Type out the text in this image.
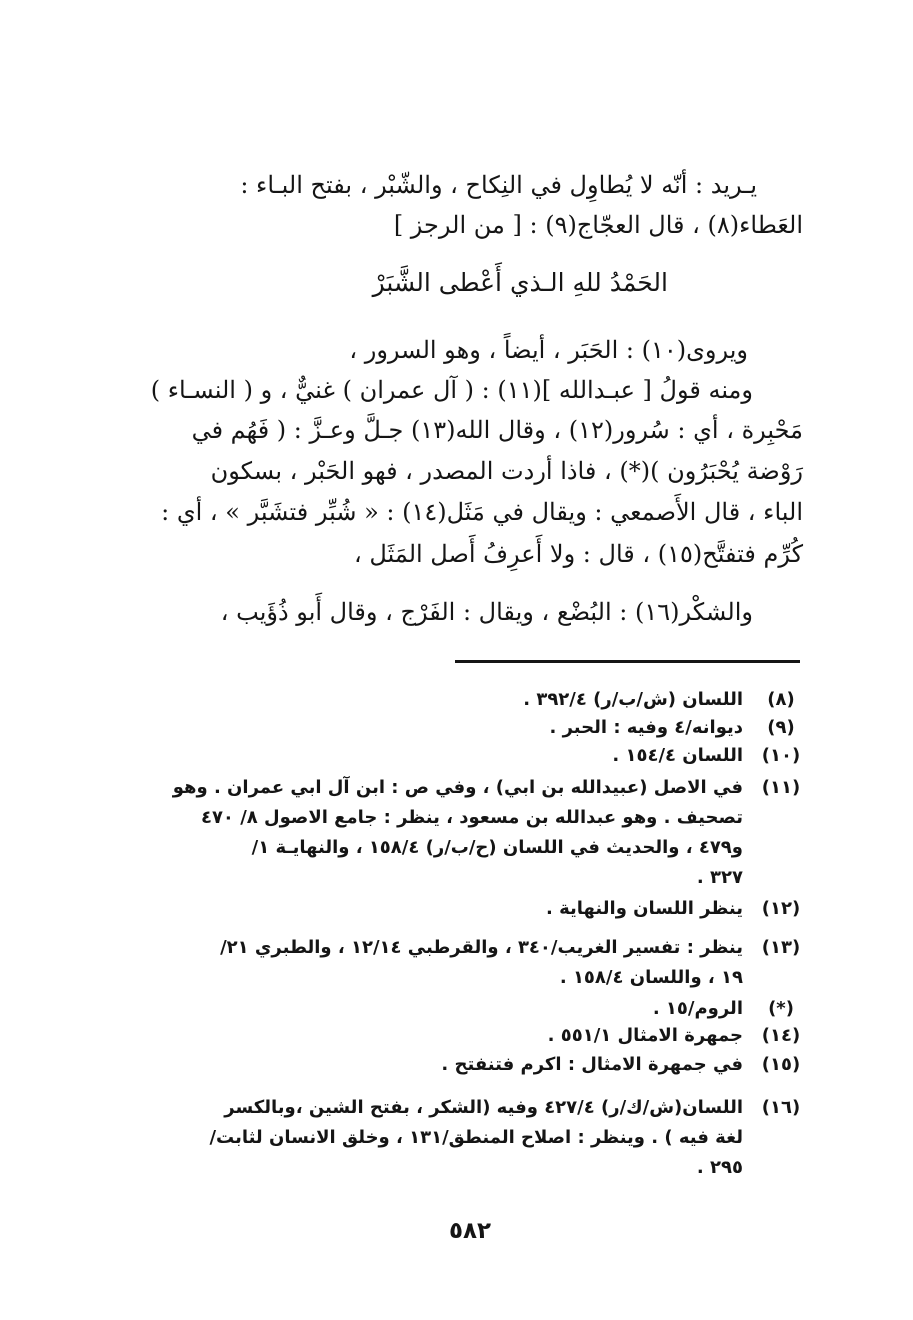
يـريد : أنّه لا يُطاوِل في النِكاح ، والشّبْر ، بفتح البـاء :
العَطاء(٨) ، قال العجّاج(٩) : [ من الرجز ]
الحَمْدُ للهِ الـذي أَعْطى الشَّبَرْ
ويروى(١٠) : الحَبَر ، أيضاً ، وهو السرور ،
ومنه قولُ [ عبـدالله ](١١) : ( آل عمران ) غنيٌّ ، و ( النسـاء )
مَحْبِرة ، أي : سُرور(١٢) ، وقال الله(١٣) جـلَّ وعـزَّ : ( فَهُم في
رَوْضة يُحْبَرُون )(*) ، فاذا أردت المصدر ، فهو الحَبْر ، بسكون
الباء ، قال الأَصمعي : ويقال في مَثَل(١٤) : « شُبِّر فتشَبَّر » ، أي :
كُرِّم فتفتَّح(١٥) ، قال : ولا أَعرِفُ أَصل المَثَل ،
والشكْر(١٦) : البُضْع ، ويقال : الفَرْج ، وقال أَبو ذُؤَيب ،
(٨)
اللسان (ش/ب/ر) ٣٩٢/٤ .
(٩)
ديوانه/٤ وفيه : الحبر .
(١٠)
اللسان ١٥٤/٤ .
(١١)
في الاصل (عبيدالله بن ابي) ، وفي ص : ابن آل ابي عمران . وهو
تصحيف . وهو عبدالله بن مسعود ، ينظر : جامع الاصول ٨/ ٤٧٠
و٤٧٩ ، والحديث في اللسان (ح/ب/ر) ١٥٨/٤ ، والنهايـة ١/
٣٢٧ .
(١٢)
ينظر اللسان والنهاية .
(١٣)
ينظر : تفسير الغريب/٣٤٠ ، والقرطبي ١٢/١٤ ، والطبري ٢١/
١٩ ، واللسان ١٥٨/٤ .
(*)
الروم/١٥ .
(١٤)
جمهرة الامثال ٥٥١/١ .
(١٥)
في جمهرة الامثال : اكرم فتنفتح .
(١٦)
اللسان(ش/ك/ر) ٤٢٧/٤ وفيه (الشكر ، بفتح الشين ،وبالكسر
لغة فيه ) . وينظر : اصلاح المنطق/١٣١ ، وخلق الانسان لثابت/
٢٩٥ .
٥٨٢
